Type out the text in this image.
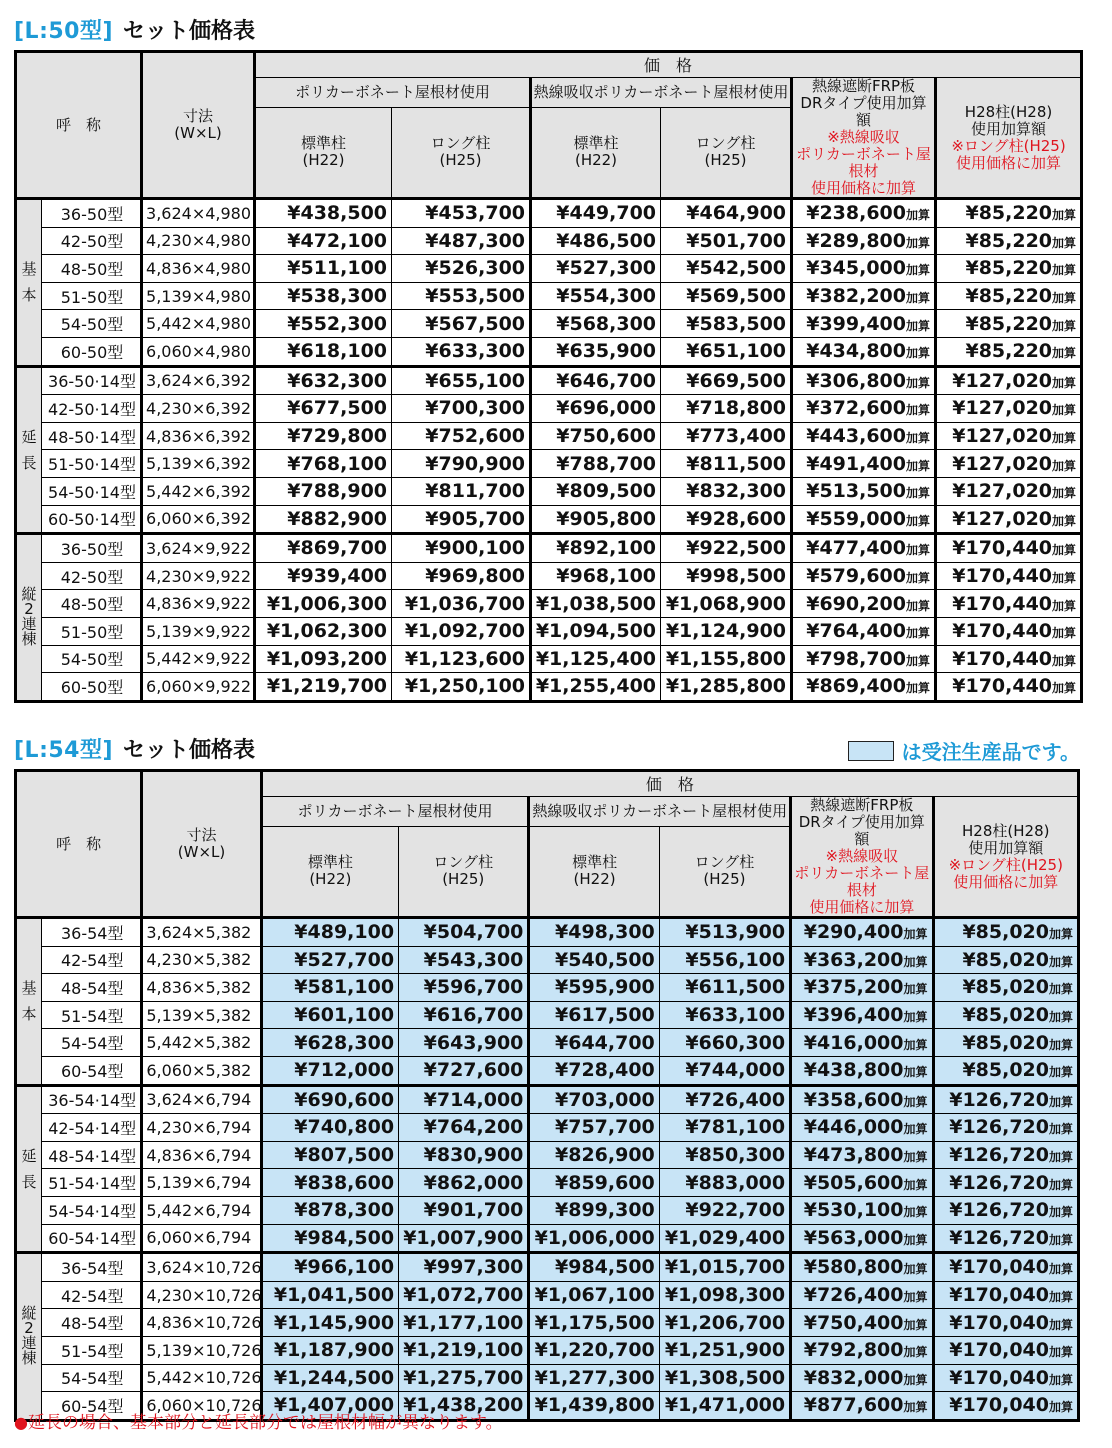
[L:50型] セット価格表
呼　称		寸法
(W×L)	価　格					
ポリカーボネート屋根材使用	熱線吸収ポリカーボネート屋根材使用	熱線遮断FRP板
DRタイプ使用加算額
※熱線吸収
ポリカーボネート屋根材
使用価格に加算

H28柱(H28)
使用加算額
※ロング柱(H25)
使用価格に加算

標準柱
(H22)

ロング柱
(H25)

標準柱
(H22)

ロング柱
(H25)

基
本	36-50型	3,624×4,980	¥438,500	¥453,700	¥449,700	¥464,900	¥238,600加算	¥85,220加算
	42-50型	4,230×4,980	¥472,100	¥487,300	¥486,500	¥501,700	¥289,800加算	¥85,220加算
	48-50型	4,836×4,980	¥511,100	¥526,300	¥527,300	¥542,500	¥345,000加算	¥85,220加算
	51-50型	5,139×4,980	¥538,300	¥553,500	¥554,300	¥569,500	¥382,200加算	¥85,220加算
	54-50型	5,442×4,980	¥552,300	¥567,500	¥568,300	¥583,500	¥399,400加算	¥85,220加算
	60-50型	6,060×4,980	¥618,100	¥633,300	¥635,900	¥651,100	¥434,800加算	¥85,220加算

延
長	36-50·14型	3,624×6,392	¥632,300	¥655,100	¥646,700	¥669,500	¥306,800加算	¥127,020加算
	42-50·14型	4,230×6,392	¥677,500	¥700,300	¥696,000	¥718,800	¥372,600加算	¥127,020加算
	48-50·14型	4,836×6,392	¥729,800	¥752,600	¥750,600	¥773,400	¥443,600加算	¥127,020加算
	51-50·14型	5,139×6,392	¥768,100	¥790,900	¥788,700	¥811,500	¥491,400加算	¥127,020加算
	54-50·14型	5,442×6,392	¥788,900	¥811,700	¥809,500	¥832,300	¥513,500加算	¥127,020加算
	60-50·14型	6,060×6,392	¥882,900	¥905,700	¥905,800	¥928,600	¥559,000加算	¥127,020加算

縦
2
連
棟	36-50型	3,624×9,922	¥869,700	¥900,100	¥892,100	¥922,500	¥477,400加算	¥170,440加算
	42-50型	4,230×9,922	¥939,400	¥969,800	¥968,100	¥998,500	¥579,600加算	¥170,440加算
	48-50型	4,836×9,922	¥1,006,300	¥1,036,700	¥1,038,500	¥1,068,900	¥690,200加算	¥170,440加算
	51-50型	5,139×9,922	¥1,062,300	¥1,092,700	¥1,094,500	¥1,124,900	¥764,400加算	¥170,440加算
	54-50型	5,442×9,922	¥1,093,200	¥1,123,600	¥1,125,400	¥1,155,800	¥798,700加算	¥170,440加算
	60-50型	6,060×9,922	¥1,219,700	¥1,250,100	¥1,255,400	¥1,285,800	¥869,400加算	¥170,440加算
[L:54型] セット価格表	は受注生産品です。
呼　称		寸法
(W×L)	価　格					
ポリカーボネート屋根材使用	熱線吸収ポリカーボネート屋根材使用	熱線遮断FRP板
DRタイプ使用加算額
※熱線吸収
ポリカーボネート屋根材
使用価格に加算

H28柱(H28)
使用加算額
※ロング柱(H25)
使用価格に加算

標準柱
(H22)

ロング柱
(H25)

標準柱
(H22)

ロング柱
(H25)

基
本	36-54型	3,624×5,382	¥489,100	¥504,700	¥498,300	¥513,900	¥290,400加算	¥85,020加算
	42-54型	4,230×5,382	¥527,700	¥543,300	¥540,500	¥556,100	¥363,200加算	¥85,020加算
	48-54型	4,836×5,382	¥581,100	¥596,700	¥595,900	¥611,500	¥375,200加算	¥85,020加算
	51-54型	5,139×5,382	¥601,100	¥616,700	¥617,500	¥633,100	¥396,400加算	¥85,020加算
	54-54型	5,442×5,382	¥628,300	¥643,900	¥644,700	¥660,300	¥416,000加算	¥85,020加算
	60-54型	6,060×5,382	¥712,000	¥727,600	¥728,400	¥744,000	¥438,800加算	¥85,020加算

延
長	36-54·14型	3,624×6,794	¥690,600	¥714,000	¥703,000	¥726,400	¥358,600加算	¥126,720加算
	42-54·14型	4,230×6,794	¥740,800	¥764,200	¥757,700	¥781,100	¥446,000加算	¥126,720加算
	48-54·14型	4,836×6,794	¥807,500	¥830,900	¥826,900	¥850,300	¥473,800加算	¥126,720加算
	51-54·14型	5,139×6,794	¥838,600	¥862,000	¥859,600	¥883,000	¥505,600加算	¥126,720加算
	54-54·14型	5,442×6,794	¥878,300	¥901,700	¥899,300	¥922,700	¥530,100加算	¥126,720加算
	60-54·14型	6,060×6,794	¥984,500	¥1,007,900	¥1,006,000	¥1,029,400	¥563,000加算	¥126,720加算

縦
2
連
棟	36-54型	3,624×10,726	¥966,100	¥997,300	¥984,500	¥1,015,700	¥580,800加算	¥170,040加算
	42-54型	4,230×10,726	¥1,041,500	¥1,072,700	¥1,067,100	¥1,098,300	¥726,400加算	¥170,040加算
	48-54型	4,836×10,726	¥1,145,900	¥1,177,100	¥1,175,500	¥1,206,700	¥750,400加算	¥170,040加算
	51-54型	5,139×10,726	¥1,187,900	¥1,219,100	¥1,220,700	¥1,251,900	¥792,800加算	¥170,040加算
	54-54型	5,442×10,726	¥1,244,500	¥1,275,700	¥1,277,300	¥1,308,500	¥832,000加算	¥170,040加算
	60-54型	6,060×10,726	¥1,407,000	¥1,438,200	¥1,439,800	¥1,471,000	¥877,600加算	¥170,040加算
●延長の場合、基本部分と延長部分では屋根材幅が異なります。
